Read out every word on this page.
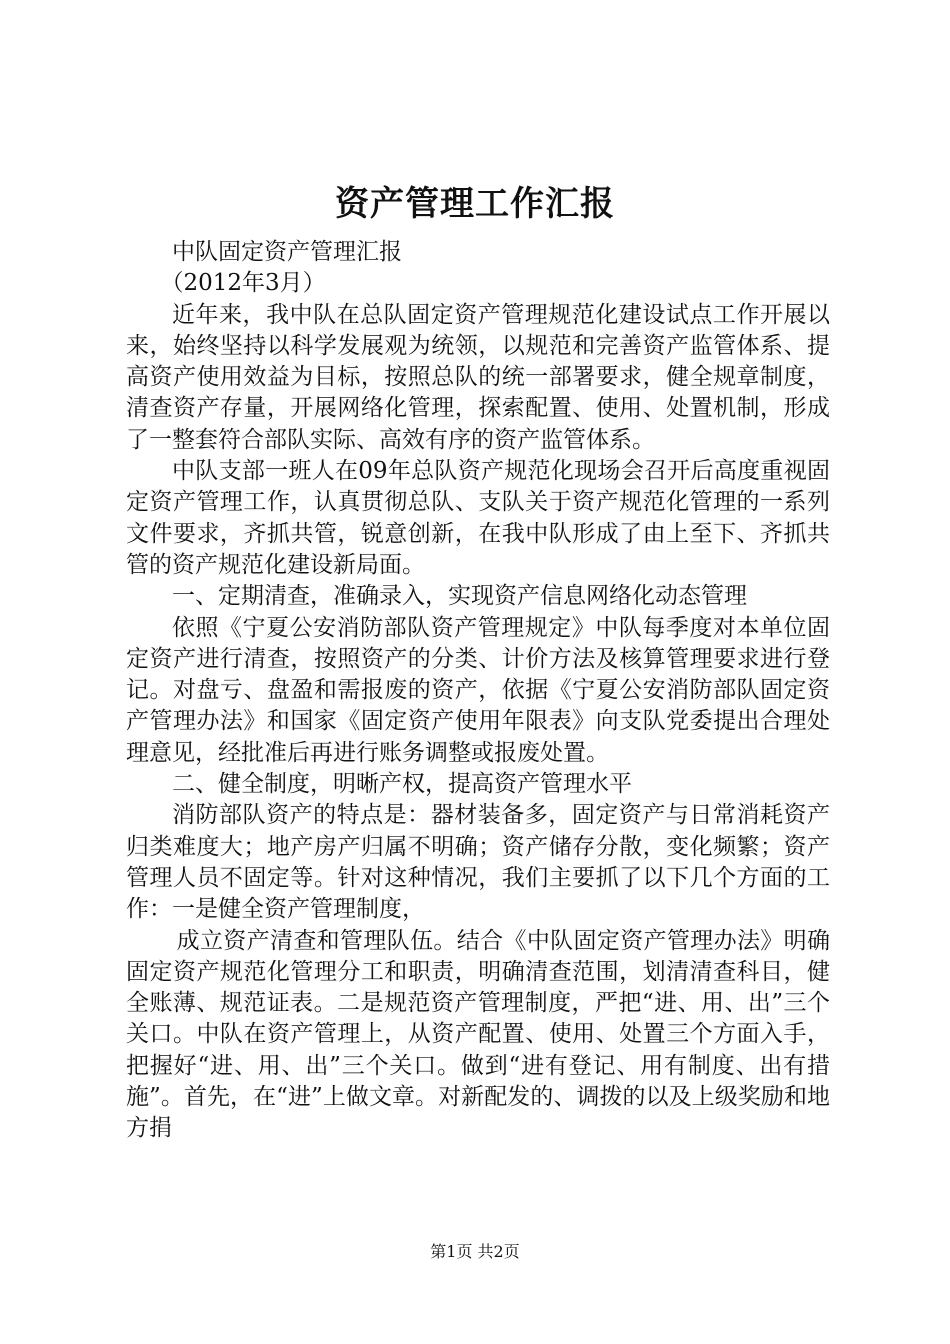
资产管理工作汇报

中队固定资产管理汇报

（2012年3月）

近年来，我中队在总队固定资产管理规范化建设试点工作开展以来，始终坚持以科学发展观为统领，以规范和完善资产监管体系、提高资产使用效益为目标，按照总队的统一部署要求，健全规章制度，清查资产存量，开展网络化管理，探索配置、使用、处置机制，形成了一整套符合部队实际、高效有序的资产监管体系。

中队支部一班人在09年总队资产规范化现场会召开后高度重视固定资产管理工作，认真贯彻总队、支队关于资产规范化管理的一系列文件要求，齐抓共管，锐意创新，在我中队形成了由上至下、齐抓共管的资产规范化建设新局面。

一、定期清查，准确录入，实现资产信息网络化动态管理

依照《宁夏公安消防部队资产管理规定》中队每季度对本单位固定资产进行清查，按照资产的分类、计价方法及核算管理要求进行登记。对盘亏、盘盈和需报废的资产，依据《宁夏公安消防部队固定资产管理办法》和国家《固定资产使用年限表》向支队党委提出合理处理意见，经批准后再进行账务调整或报废处置。

二、健全制度，明晰产权，提高资产管理水平

消防部队资产的特点是：器材装备多，固定资产与日常消耗资产归类难度大；地产房产归属不明确；资产储存分散，变化频繁；资产管理人员不固定等。针对这种情况，我们主要抓了以下几个方面的工作：一是健全资产管理制度，

成立资产清查和管理队伍。结合《中队固定资产管理办法》明确固定资产规范化管理分工和职责，明确清查范围，划清清查科目，健全账薄、规范证表。二是规范资产管理制度，严把“进、用、出”三个关口。中队在资产管理上，从资产配置、使用、处置三个方面入手，把握好“进、用、出”三个关口。做到“进有登记、用有制度、出有措施”。首先，在“进”上做文章。对新配发的、调拨的以及上级奖励和地方捐

第1页 共2页
